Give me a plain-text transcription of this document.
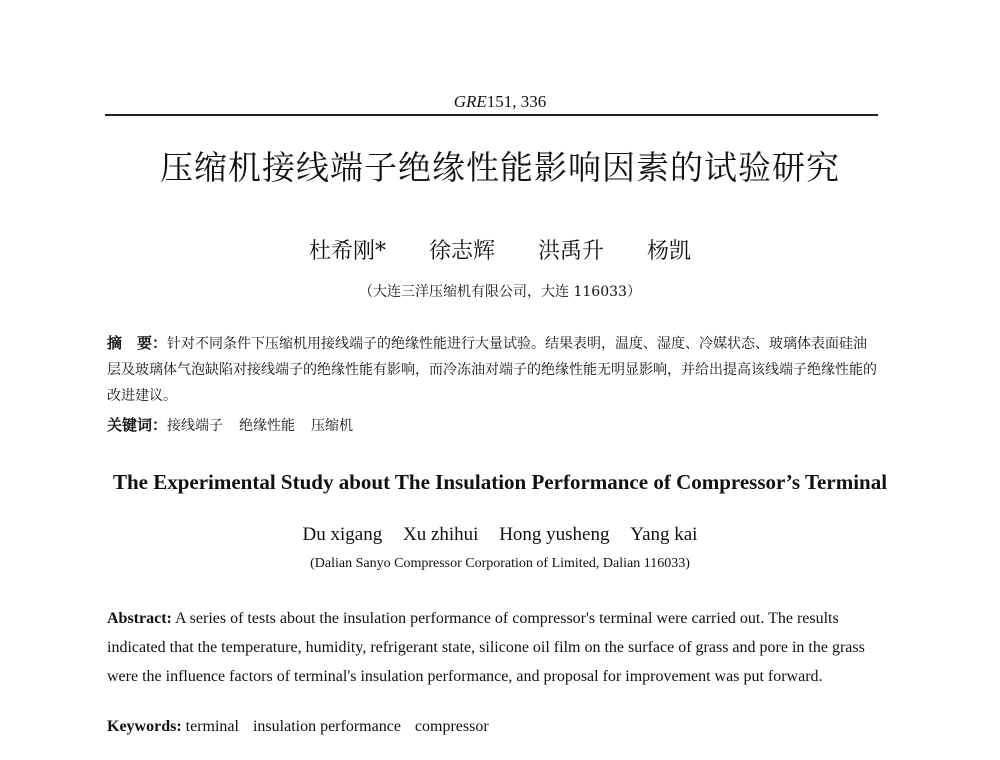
GRE151, 336
压缩机接线端子绝缘性能影响因素的试验研究
杜希刚* 徐志辉 洪禹升 杨凯
（大连三洋压缩机有限公司，大连 116033）
摘　要：针对不同条件下压缩机用接线端子的绝缘性能进行大量试验。结果表明，温度、湿度、冷媒状态、玻璃体表面硅油层及玻璃体气泡缺陷对接线端子的绝缘性能有影响，而冷冻油对端子的绝缘性能无明显影响，并给出提高该线端子绝缘性能的改进建议。
关键词：接线端子 绝缘性能 压缩机
The Experimental Study about The Insulation Performance of Compressor’s Terminal
Du xigang Xu zhihui Hong yusheng Yang kai
(Dalian Sanyo Compressor Corporation of Limited, Dalian 116033)
Abstract: A series of tests about the insulation performance of compressor's terminal were carried out. The results indicated that the temperature, humidity, refrigerant state, silicone oil film on the surface of grass and pore in the grass were the influence factors of terminal's insulation performance, and proposal for improvement was put forward.
Keywords: terminal insulation performance compressor
